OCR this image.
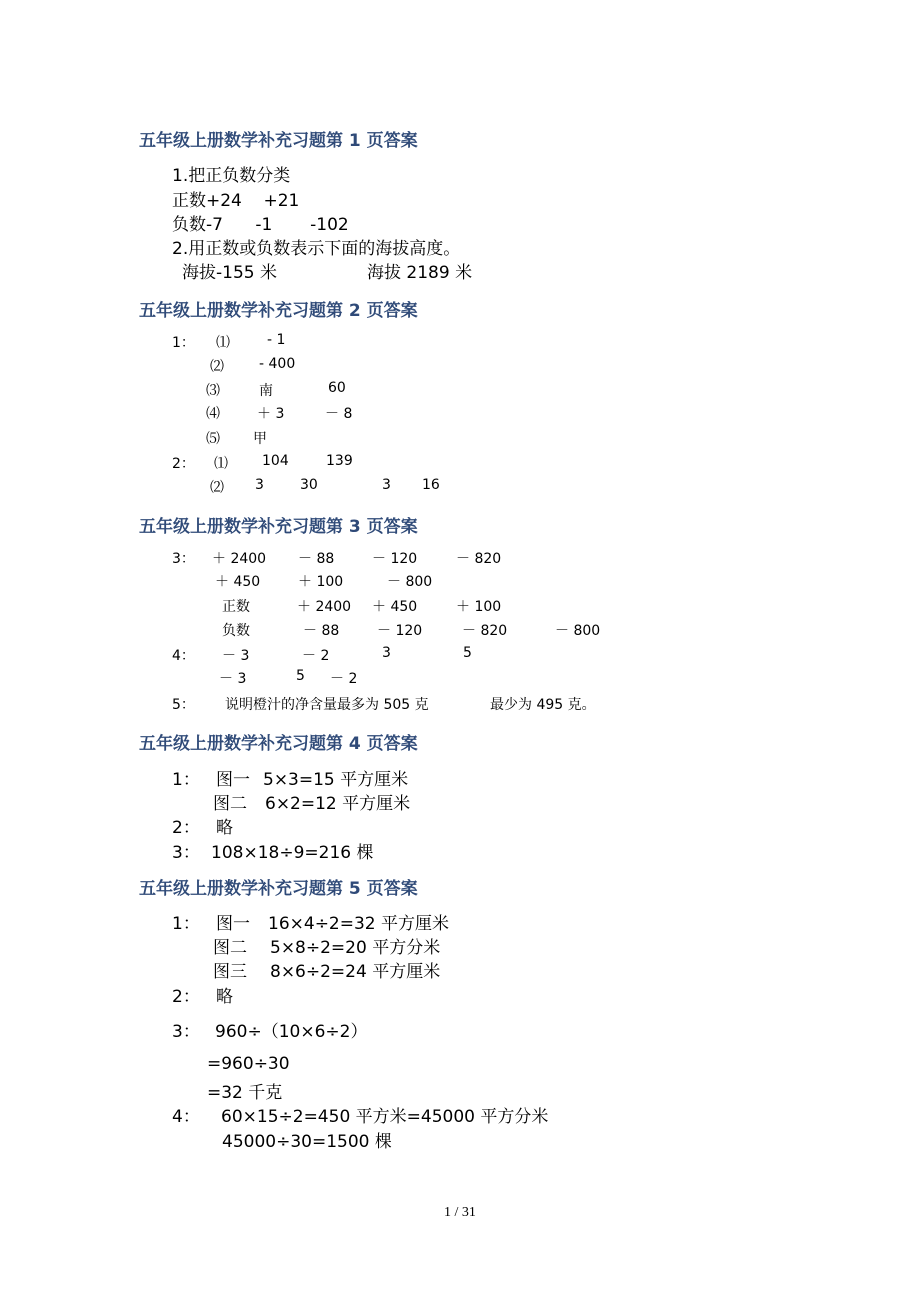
五年级上册数学补充习题第 1 页答案
1.把正负数分类
正数+24    +21
负数-7      -1       -102
2.用正数或负数表示下面的海拔高度。
海拔-155 米	海拔 2189 米
五年级上册数学补充习题第 2 页答案
1： ⑴	- 1
⑵	- 400
⑶	南	60
⑷	＋ 3	－ 8
⑸ 甲
2： ⑴ 104	139
⑵ 3	30	3 16
五年级上册数学补充习题第 3 页答案
3： ＋ 2400 － 88	－ 120	－ 820
＋ 450	＋ 100	－ 800
正数	＋ 2400 ＋ 450	＋ 100
负数	－ 88	－ 120	－ 820	－ 800
4： － 3	－ 2	3	5
－ 3	5 － 2
5： 说明橙汁的净含量最多为 505 克	最少为 495 克。
五年级上册数学补充习题第 4 页答案
1： 图一 5×3=15 平方厘米
图二 6×2=12 平方厘米
2： 略
3： 108×18÷9=216 棵
五年级上册数学补充习题第 5 页答案
1： 图一 16×4÷2=32 平方厘米
图二 5×8÷2=20 平方分米
图三 8×6÷2=24 平方厘米
2： 略
3： 960÷（10×6÷2）
=960÷30
=32 千克
4： 60×15÷2=450 平方米=45000 平方分米
45000÷30=1500 棵
1 / 31
